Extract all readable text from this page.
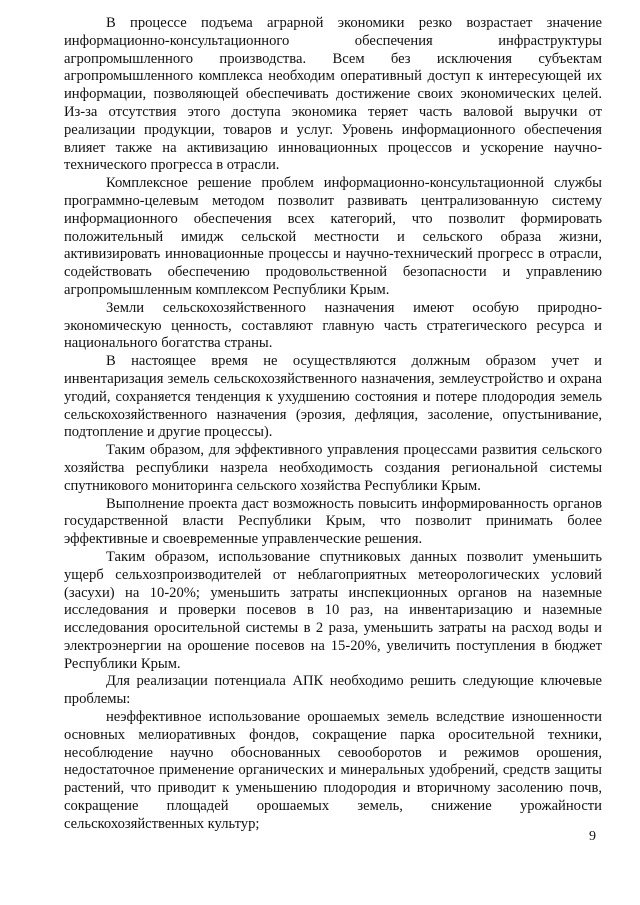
В процессе подъема аграрной экономики резко возрастает значение информационно-консультационного обеспечения инфраструктуры агропромышленного производства. Всем без исключения субъектам агропромышленного комплекса необходим оперативный доступ к интересующей их информации, позволяющей обеспечивать достижение своих экономических целей. Из-за отсутствия этого доступа экономика теряет часть валовой выручки от реализации продукции, товаров и услуг. Уровень информационного обеспечения влияет также на активизацию инновационных процессов и ускорение научно-технического прогресса в отрасли.

Комплексное решение проблем информационно-консультационной службы программно-целевым методом позволит развивать централизованную систему информационного обеспечения всех категорий, что позволит формировать положительный имидж сельской местности и сельского образа жизни, активизировать инновационные процессы и научно-технический прогресс в отрасли, содействовать обеспечению продовольственной безопасности и управлению агропромышленным комплексом Республики Крым.

Земли сельскохозяйственного назначения имеют особую природно-экономическую ценность, составляют главную часть стратегического ресурса и национального богатства страны.

В настоящее время не осуществляются должным образом учет и инвентаризация земель сельскохозяйственного назначения, землеустройство и охрана угодий, сохраняется тенденция к ухудшению состояния и потере плодородия земель сельскохозяйственного назначения (эрозия, дефляция, засоление, опустынивание, подтопление и другие процессы).

Таким образом, для эффективного управления процессами развития сельского хозяйства республики назрела необходимость создания региональной системы спутникового мониторинга сельского хозяйства Республики Крым.

Выполнение проекта даст возможность повысить информированность органов государственной власти Республики Крым, что позволит принимать более эффективные и своевременные управленческие решения.

Таким образом, использование спутниковых данных позволит уменьшить ущерб сельхозпроизводителей от неблагоприятных метеорологических условий (засухи) на 10-20%; уменьшить затраты инспекционных органов на наземные исследования и проверки посевов в 10 раз, на инвентаризацию и наземные исследования оросительной системы в 2 раза, уменьшить затраты на расход воды и электроэнергии на орошение посевов на 15-20%, увеличить поступления в бюджет Республики Крым.

Для реализации потенциала АПК необходимо решить следующие ключевые проблемы:

неэффективное использование орошаемых земель вследствие изношенности основных мелиоративных фондов, сокращение парка оросительной техники, несоблюдение научно обоснованных севооборотов и режимов орошения, недостаточное применение органических и минеральных удобрений, средств защиты растений, что приводит к уменьшению плодородия и вторичному засолению почв, сокращение площадей орошаемых земель, снижение урожайности сельскохозяйственных культур;

9
